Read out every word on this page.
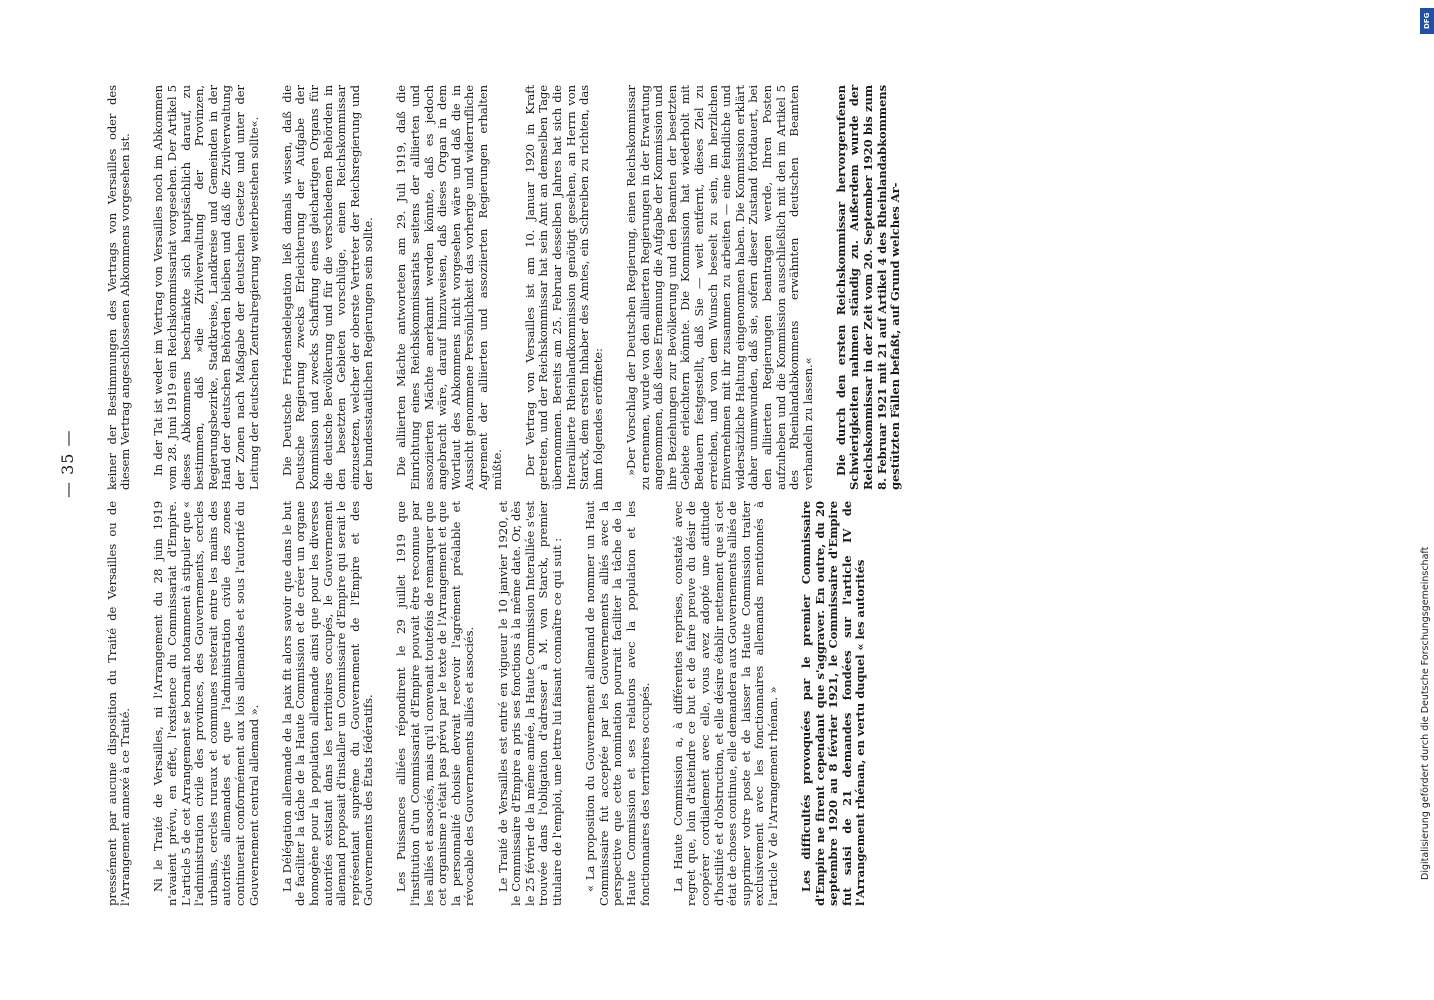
— 35 —

pressément par aucune disposition du Traité de Versailles ou de l'Arrangement annexé à ce Traité. Ni le Traité de Versailles, ni l'Arrangement du 28 juin 1919 n'avaient prévu, en effet, l'existence du Commissariat d'Empire. L'article 5 de cet Arrangement se bornait notamment à stipuler que « l'administration civile des provinces, des Gouvernements, cercles urbains, cercles ruraux et communes resterait entre les mains des autorités allemandes et que l'administration civile des zones continuerait conformément aux lois allemandes et sous l'autorité du Gouvernement central allemand ». La Délégation allemande de la paix fit alors savoir que dans le but de faciliter la tâche de la Haute Commission et de créer un organe homogène pour la population allemande ainsi que pour les diverses autorités existant dans les territoires occupés, le Gouvernement allemand proposait d'installer un Commissaire d'Empire qui serait le représentant suprême du Gouvernement de l'Empire et des Gouvernements des États fédératifs. Les Puissances alliées répondirent le 29 juillet 1919 que l'institution d'un Commissariat d'Empire pouvait être reconnue par les alliés et associés, mais qu'il convenait toutefois de remarquer que cet organisme n'était pas prévu par le texte de l'Arrangement et que la personnalité choisie devrait recevoir l'agrément préalable et révocable des Gouvernements alliés et associés. Le Traité de Versailles est entré en vigueur le 10 janvier 1920, et le Commissaire d'Empire a pris ses fonctions à la même date. Or, dès le 25 février de la même année, la Haute Commission Interalliée s'est trouvée dans l'obligation d'adresser à M. von Starck, premier titulaire de l'emploi, une lettre lui faisant connaître ce qui suit : « La proposition du Gouvernement allemand de nommer un Haut Commissaire fut acceptée par les Gouvernements alliés avec la perspective que cette nomination pourrait faciliter la tâche de la Haute Commission et ses relations avec la population et les fonctionnaires des territoires occupés. La Haute Commission a, à différentes reprises, constaté avec regret que, loin d'atteindre ce but et de faire preuve du désir de coopérer cordialement avec elle, vous avez adopté une attitude d'hostilité et d'obstruction, et elle désire établir nettement que si cet état de choses continue, elle demandera aux Gouvernements alliés de supprimer votre poste et de laisser la Haute Commission traiter exclusivement avec les fonctionnaires allemands mentionnés à l'article V de l'Arrangement rhénan. » Les difficultés provoquées par le premier Commissaire d'Empire ne firent cependant que s'aggraver. En outre, du 20 septembre 1920 au 8 février 1921, le Commissaire d'Empire fut saisi de 21 demandes fondées sur l'article IV de l'Arrangement rhénan, en vertu duquel « les autorités

keiner der Bestimmungen des Vertrags von Versailles oder des diesem Vertrag angeschlossenen Abkommens vorgesehen ist. In der Tat ist weder im Vertrag von Versailles noch im Abkommen vom 28. Juni 1919 ein Reichskommissariat vorgesehen. Der Artikel 5 dieses Abkommens beschränkte sich hauptsächlich darauf, zu bestimmen, daß »die Zivilverwaltung der Provinzen, Regierungsbezirke, Stadtkreise, Landkreise und Gemeinden in der Hand der deutschen Behörden bleiben und daß die Zivilverwaltung der Zonen nach Maßgabe der deutschen Gesetze und unter der Leitung der deutschen Zentralregierung weiterbestehen sollte«. Die Deutsche Friedensdelegation ließ damals wissen, daß die Deutsche Regierung zwecks Erleichterung der Aufgabe der Kommission und zwecks Schaffung eines gleichartigen Organs für die deutsche Bevölkerung und für die verschiedenen Behörden in den besetzten Gebieten vorschlüge, einen Reichskommissar einzusetzen, welcher der oberste Vertreter der Reichsregierung und der bundesstaatlichen Regierungen sein sollte. Die alliierten Mächte antworteten am 29. Juli 1919, daß die Einrichtung eines Reichskommissariats seitens der alliierten und assoziierten Mächte anerkannt werden könnte, daß es jedoch angebracht wäre, darauf hinzuweisen, daß dieses Organ in dem Wortlaut des Abkommens nicht vorgesehen wäre und daß die in Aussicht genommene Persönlichkeit das vorherige und widerrufliche Agrement der alliierten und assoziierten Regierungen erhalten müßte. Der Vertrag von Versailles ist am 10. Januar 1920 in Kraft getreten, und der Reichskommissar hat sein Amt an demselben Tage übernommen. Bereits am 25. Februar desselben Jahres hat sich die Interalliierte Rheinlandkommission genötigt gesehen, an Herrn von Starck, dem ersten Inhaber des Amtes, ein Schreiben zu richten, das ihm folgendes eröffnete: »Der Vorschlag der Deutschen Regierung, einen Reichskommissar zu ernennen, wurde von den alliierten Regierungen in der Erwartung angenommen, daß diese Ernennung die Aufgabe der Kommission und ihre Beziehungen zur Bevölkerung und den Beamten der besetzten Gebiete erleichtern könnte. Die Kommission hat wiederholt mit Bedauern festgestellt, daß Sie — weit entfernt, dieses Ziel zu erreichen, und von dem Wunsch beseelt zu sein, im herzlichen Einvernehmen mit ihr zusammen zu arbeiten — eine feindliche und widersätzliche Haltung eingenommen haben. Die Kommission erklärt daher unumwunden, daß sie, sofern dieser Zustand fortdauert, bei den alliierten Regierungen beantragen werde, Ihren Posten aufzuheben und die Kommission ausschließlich mit den im Artikel 5 des Rheinlandabkommens erwähnten deutschen Beamten verhandeln zu lassen.« Die durch den ersten Reichskommissar hervorgerufenen Schwierigkeiten nahmen ständig zu. Außerdem wurde der Reichskommissar in der Zeit vom 20. September 1920 bis zum 8. Februar 1921 mit 21 auf Artikel 4 des Rheinlandabkommens gestützten Fällen befaßt, auf Grund welches Ar-

DFG
Digitalisierung gefördert durch die Deutsche Forschungsgemeinschaft
